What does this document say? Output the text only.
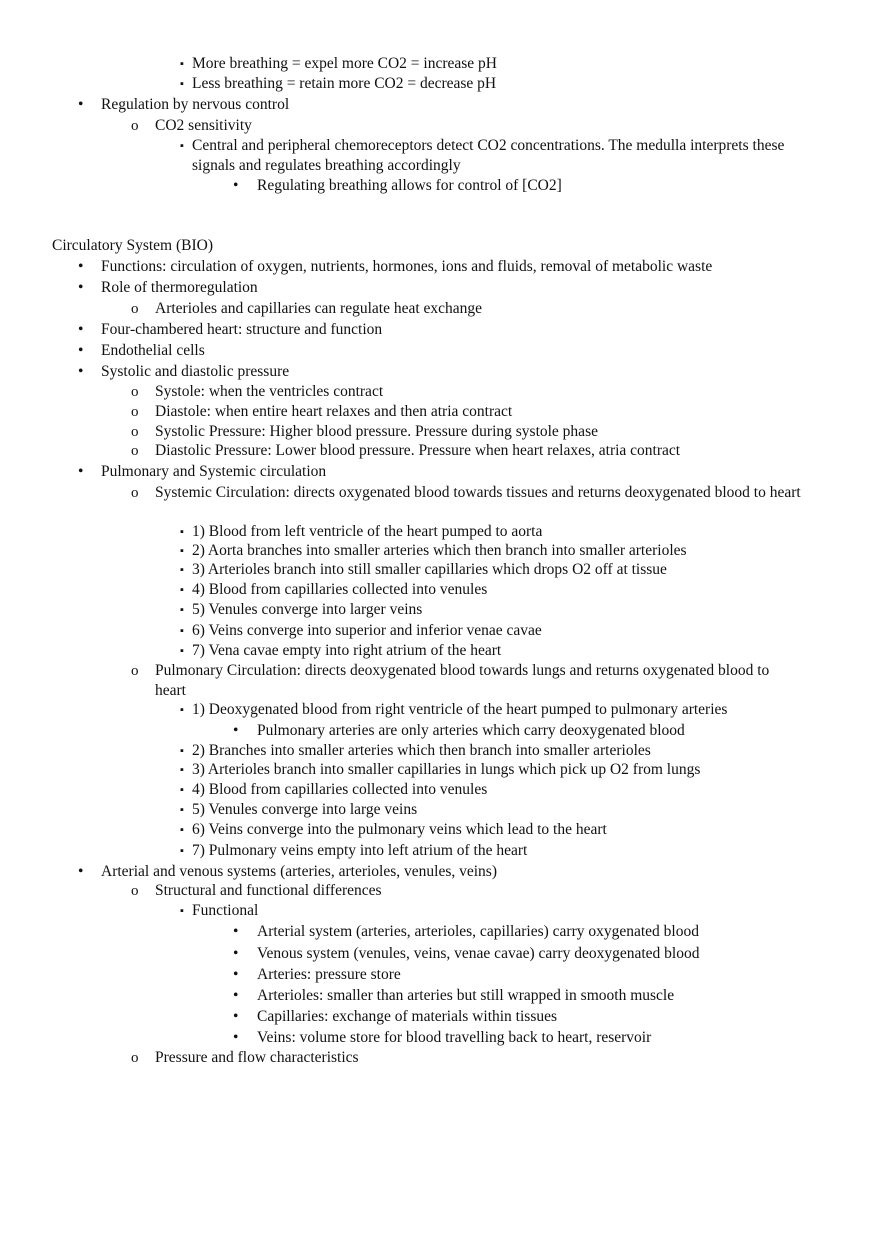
▪ More breathing = expel more CO2 = increase pH
▪ Less breathing = retain more CO2 = decrease pH
• Regulation by nervous control
o CO2 sensitivity
▪ Central and peripheral chemoreceptors detect CO2 concentrations. The medulla interprets these signals and regulates breathing accordingly
• Regulating breathing allows for control of [CO2]
Circulatory System (BIO)
• Functions: circulation of oxygen, nutrients, hormones, ions and fluids, removal of metabolic waste
• Role of thermoregulation
o Arterioles and capillaries can regulate heat exchange
• Four-chambered heart: structure and function
• Endothelial cells
• Systolic and diastolic pressure
o Systole: when the ventricles contract
o Diastole: when entire heart relaxes and then atria contract
o Systolic Pressure: Higher blood pressure. Pressure during systole phase
o Diastolic Pressure: Lower blood pressure. Pressure when heart relaxes, atria contract
• Pulmonary and Systemic circulation
o Systemic Circulation: directs oxygenated blood towards tissues and returns deoxygenated blood to heart
▪ 1) Blood from left ventricle of the heart pumped to aorta
▪ 2) Aorta branches into smaller arteries which then branch into smaller arterioles
▪ 3) Arterioles branch into still smaller capillaries which drops O2 off at tissue
▪ 4) Blood from capillaries collected into venules
▪ 5) Venules converge into larger veins
▪ 6) Veins converge into superior and inferior venae cavae
▪ 7) Vena cavae empty into right atrium of the heart
o Pulmonary Circulation: directs deoxygenated blood towards lungs and returns oxygenated blood to heart
▪ 1) Deoxygenated blood from right ventricle of the heart pumped to pulmonary arteries
• Pulmonary arteries are only arteries which carry deoxygenated blood
▪ 2) Branches into smaller arteries which then branch into smaller arterioles
▪ 3) Arterioles branch into smaller capillaries in lungs which pick up O2 from lungs
▪ 4) Blood from capillaries collected into venules
▪ 5) Venules converge into large veins
▪ 6) Veins converge into the pulmonary veins which lead to the heart
▪ 7) Pulmonary veins empty into left atrium of the heart
• Arterial and venous systems (arteries, arterioles, venules, veins)
o Structural and functional differences
▪ Functional
• Arterial system (arteries, arterioles, capillaries) carry oxygenated blood
• Venous system (venules, veins, venae cavae) carry deoxygenated blood
• Arteries: pressure store
• Arterioles: smaller than arteries but still wrapped in smooth muscle
• Capillaries: exchange of materials within tissues
• Veins: volume store for blood travelling back to heart, reservoir
o Pressure and flow characteristics
